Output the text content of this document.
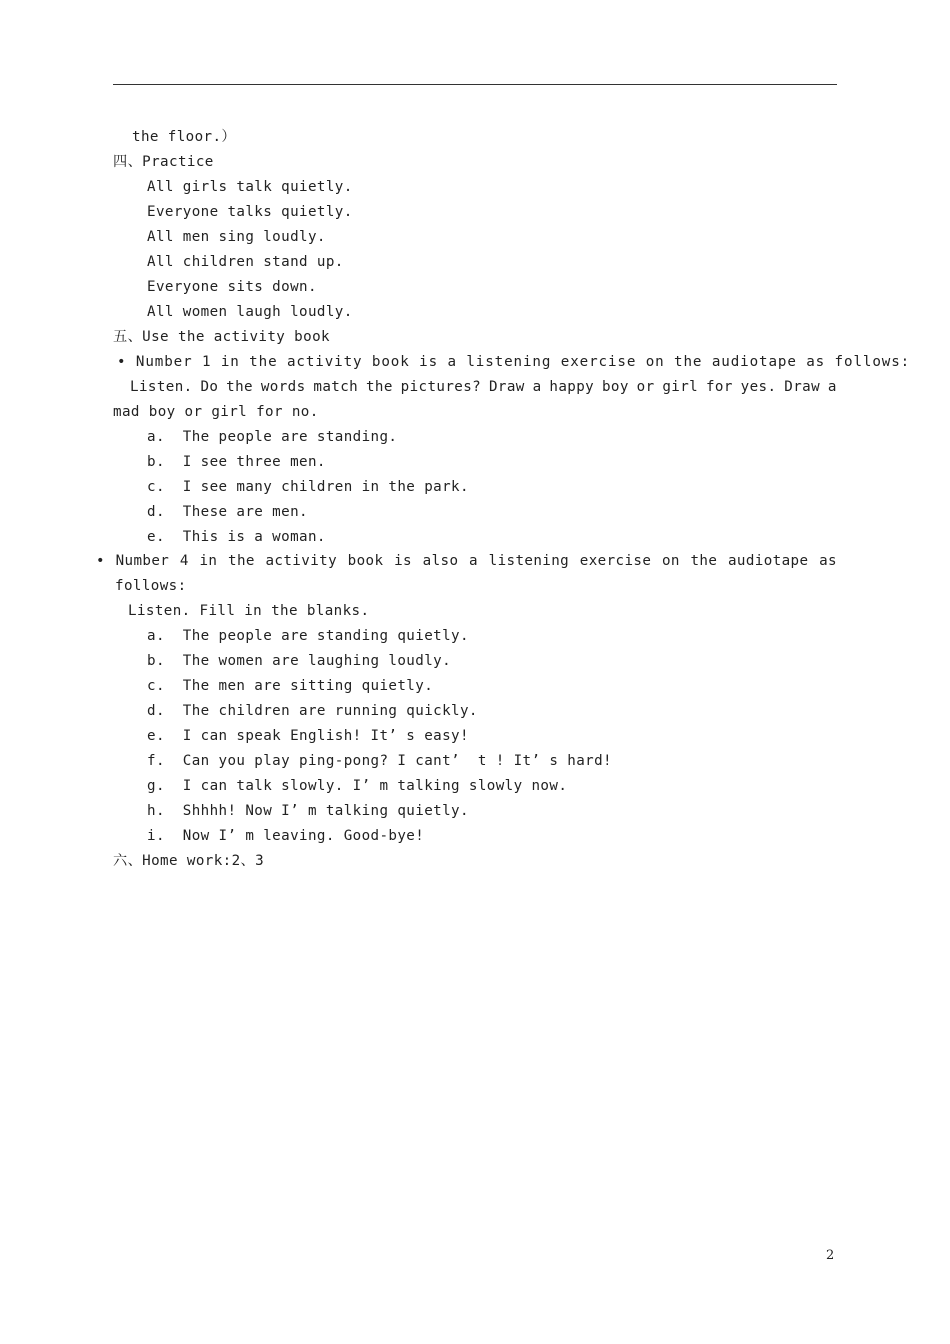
the floor.）
四、Practice
All girls talk quietly.
Everyone talks quietly.
All men sing loudly.
All children stand up.
Everyone sits down.
All women laugh loudly.
五、Use the activity book
• Number 1 in the activity book is a listening exercise on the audiotape as follows:
Listen. Do the words match the pictures? Draw a happy boy or girl for yes. Draw a
mad boy or girl for no.
a.  The people are standing.
b.  I see three men.
c.  I see many children in the park.
d.  These are men.
e.  This is a woman.
• Number 4 in the activity book is also a listening exercise on the audiotape as
follows:
Listen. Fill in the blanks.
a.  The people are standing quietly.
b.  The women are laughing loudly.
c.  The men are sitting quietly.
d.  The children are running quickly.
e.  I can speak English! It’ s easy!
f.  Can you play ping-pong? I cant’  t ! It’ s hard!
g.  I can talk slowly. I’ m talking slowly now.
h.  Shhhh! Now I’ m talking quietly.
i.  Now I’ m leaving. Good-bye!
六、Home work:2、3
2
